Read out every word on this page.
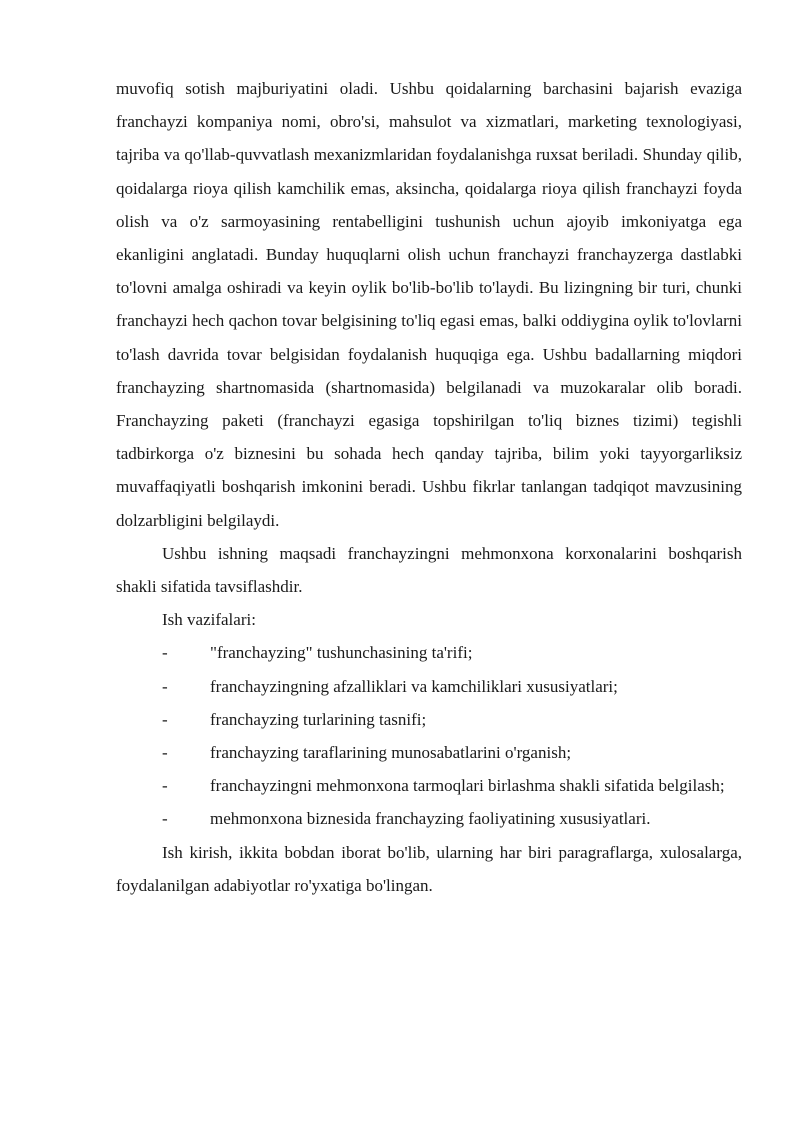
muvofiq sotish majburiyatini oladi. Ushbu qoidalarning barchasini bajarish evaziga franchayzi kompaniya nomi, obro'si, mahsulot va xizmatlari, marketing texnologiyasi, tajriba va qo'llab-quvvatlash mexanizmlaridan foydalanishga ruxsat beriladi. Shunday qilib, qoidalarga rioya qilish kamchilik emas, aksincha, qoidalarga rioya qilish franchayzi foyda olish va o'z sarmoyasining rentabelligini tushunish uchun ajoyib imkoniyatga ega ekanligini anglatadi. Bunday huquqlarni olish uchun franchayzi franchayzerga dastlabki to'lovni amalga oshiradi va keyin oylik bo'lib-bo'lib to'laydi. Bu lizingning bir turi, chunki franchayzi hech qachon tovar belgisining to'liq egasi emas, balki oddiygina oylik to'lovlarni to'lash davrida tovar belgisidan foydalanish huquqiga ega. Ushbu badallarning miqdori franchayzing shartnomasida (shartnomasida) belgilanadi va muzokaralar olib boradi. Franchayzing paketi (franchayzi egasiga topshirilgan to'liq biznes tizimi) tegishli tadbirkorga o'z biznesini bu sohada hech qanday tajriba, bilim yoki tayyorgarliksiz muvaffaqiyatli boshqarish imkonini beradi. Ushbu fikrlar tanlangan tadqiqot mavzusining dolzarbligini belgilaydi.

Ushbu ishning maqsadi franchayzingni mehmonxona korxonalarini boshqarish shakli sifatida tavsiflashdir.

Ish vazifalari:

- "franchayzing" tushunchasining ta'rifi;

- franchayzingning afzalliklari va kamchiliklari xususiyatlari;

- franchayzing turlarining tasnifi;

- franchayzing taraflarining munosabatlarini o'rganish;

- franchayzingni mehmonxona tarmoqlari birlashma shakli sifatida belgilash;

- mehmonxona biznesida franchayzing faoliyatining xususiyatlari.

Ish kirish, ikkita bobdan iborat bo'lib, ularning har biri paragraflarga, xulosalarga, foydalanilgan adabiyotlar ro'yxatiga bo'lingan.
